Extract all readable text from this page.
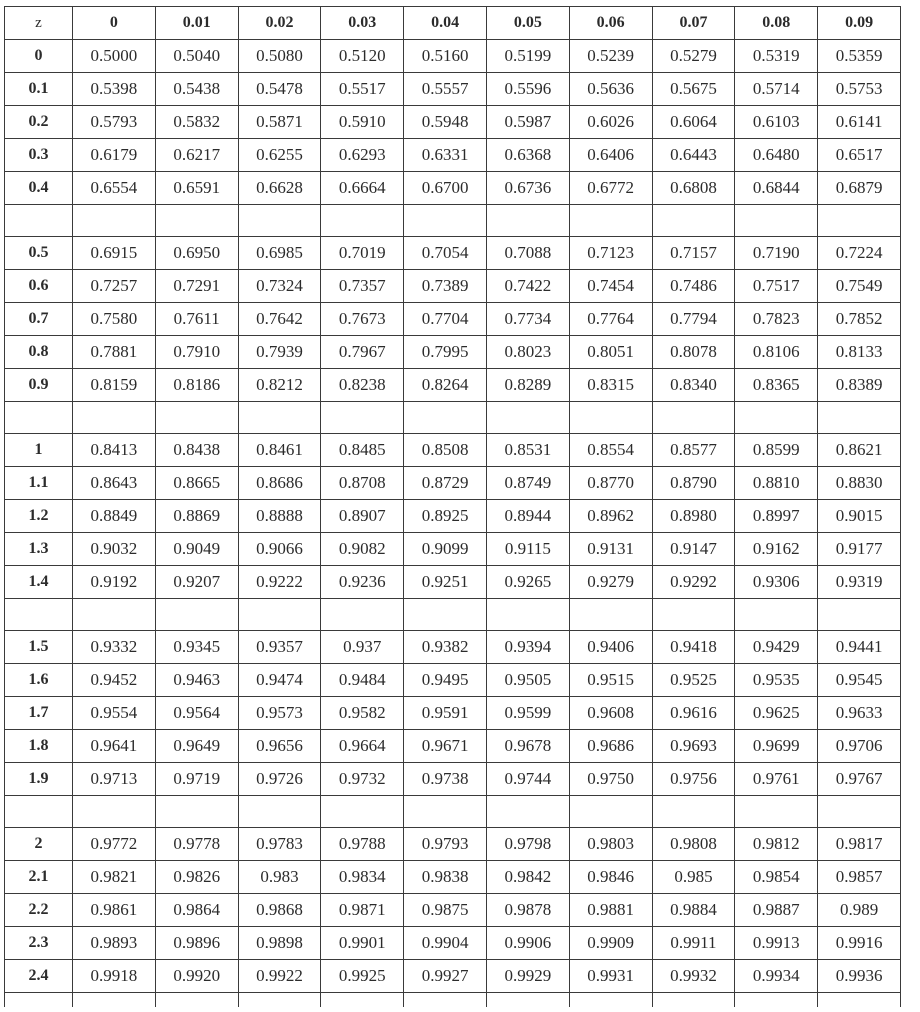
z	0	0.01	0.02	0.03	0.04	0.05	0.06	0.07	0.08	0.09
0	0.5000	0.5040	0.5080	0.5120	0.5160	0.5199	0.5239	0.5279	0.5319	0.5359
0.1	0.5398	0.5438	0.5478	0.5517	0.5557	0.5596	0.5636	0.5675	0.5714	0.5753
0.2	0.5793	0.5832	0.5871	0.5910	0.5948	0.5987	0.6026	0.6064	0.6103	0.6141
0.3	0.6179	0.6217	0.6255	0.6293	0.6331	0.6368	0.6406	0.6443	0.6480	0.6517
0.4	0.6554	0.6591	0.6628	0.6664	0.6700	0.6736	0.6772	0.6808	0.6844	0.6879

0.5	0.6915	0.6950	0.6985	0.7019	0.7054	0.7088	0.7123	0.7157	0.7190	0.7224
0.6	0.7257	0.7291	0.7324	0.7357	0.7389	0.7422	0.7454	0.7486	0.7517	0.7549
0.7	0.7580	0.7611	0.7642	0.7673	0.7704	0.7734	0.7764	0.7794	0.7823	0.7852
0.8	0.7881	0.7910	0.7939	0.7967	0.7995	0.8023	0.8051	0.8078	0.8106	0.8133
0.9	0.8159	0.8186	0.8212	0.8238	0.8264	0.8289	0.8315	0.8340	0.8365	0.8389

1	0.8413	0.8438	0.8461	0.8485	0.8508	0.8531	0.8554	0.8577	0.8599	0.8621
1.1	0.8643	0.8665	0.8686	0.8708	0.8729	0.8749	0.8770	0.8790	0.8810	0.8830
1.2	0.8849	0.8869	0.8888	0.8907	0.8925	0.8944	0.8962	0.8980	0.8997	0.9015
1.3	0.9032	0.9049	0.9066	0.9082	0.9099	0.9115	0.9131	0.9147	0.9162	0.9177
1.4	0.9192	0.9207	0.9222	0.9236	0.9251	0.9265	0.9279	0.9292	0.9306	0.9319

1.5	0.9332	0.9345	0.9357	0.937	0.9382	0.9394	0.9406	0.9418	0.9429	0.9441
1.6	0.9452	0.9463	0.9474	0.9484	0.9495	0.9505	0.9515	0.9525	0.9535	0.9545
1.7	0.9554	0.9564	0.9573	0.9582	0.9591	0.9599	0.9608	0.9616	0.9625	0.9633
1.8	0.9641	0.9649	0.9656	0.9664	0.9671	0.9678	0.9686	0.9693	0.9699	0.9706
1.9	0.9713	0.9719	0.9726	0.9732	0.9738	0.9744	0.9750	0.9756	0.9761	0.9767

2	0.9772	0.9778	0.9783	0.9788	0.9793	0.9798	0.9803	0.9808	0.9812	0.9817
2.1	0.9821	0.9826	0.983	0.9834	0.9838	0.9842	0.9846	0.985	0.9854	0.9857
2.2	0.9861	0.9864	0.9868	0.9871	0.9875	0.9878	0.9881	0.9884	0.9887	0.989
2.3	0.9893	0.9896	0.9898	0.9901	0.9904	0.9906	0.9909	0.9911	0.9913	0.9916
2.4	0.9918	0.9920	0.9922	0.9925	0.9927	0.9929	0.9931	0.9932	0.9934	0.9936
